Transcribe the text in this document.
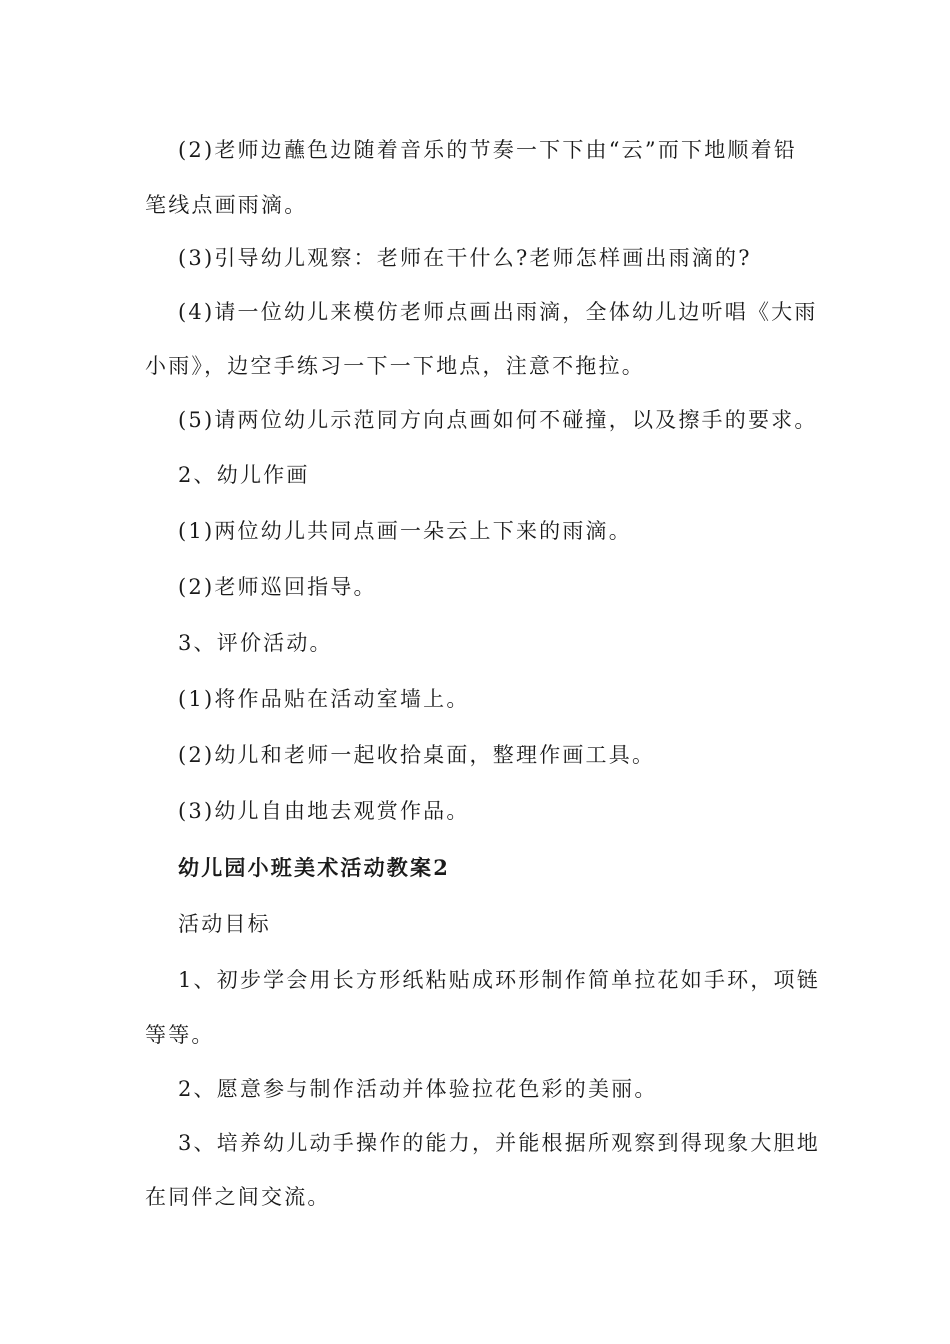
(2)老师边蘸色边随着音乐的节奏一下下由“云”而下地顺着铅
笔线点画雨滴。
(3)引导幼儿观察：老师在干什么?老师怎样画出雨滴的?
(4)请一位幼儿来模仿老师点画出雨滴，全体幼儿边听唱《大雨
小雨》，边空手练习一下一下地点，注意不拖拉。
(5)请两位幼儿示范同方向点画如何不碰撞，以及擦手的要求。
2、幼儿作画
(1)两位幼儿共同点画一朵云上下来的雨滴。
(2)老师巡回指导。
3、评价活动。
(1)将作品贴在活动室墙上。
(2)幼儿和老师一起收拾桌面，整理作画工具。
(3)幼儿自由地去观赏作品。
幼儿园小班美术活动教案2
活动目标
1、初步学会用长方形纸粘贴成环形制作简单拉花如手环，项链
等等。
2、愿意参与制作活动并体验拉花色彩的美丽。
3、培养幼儿动手操作的能力，并能根据所观察到得现象大胆地
在同伴之间交流。
